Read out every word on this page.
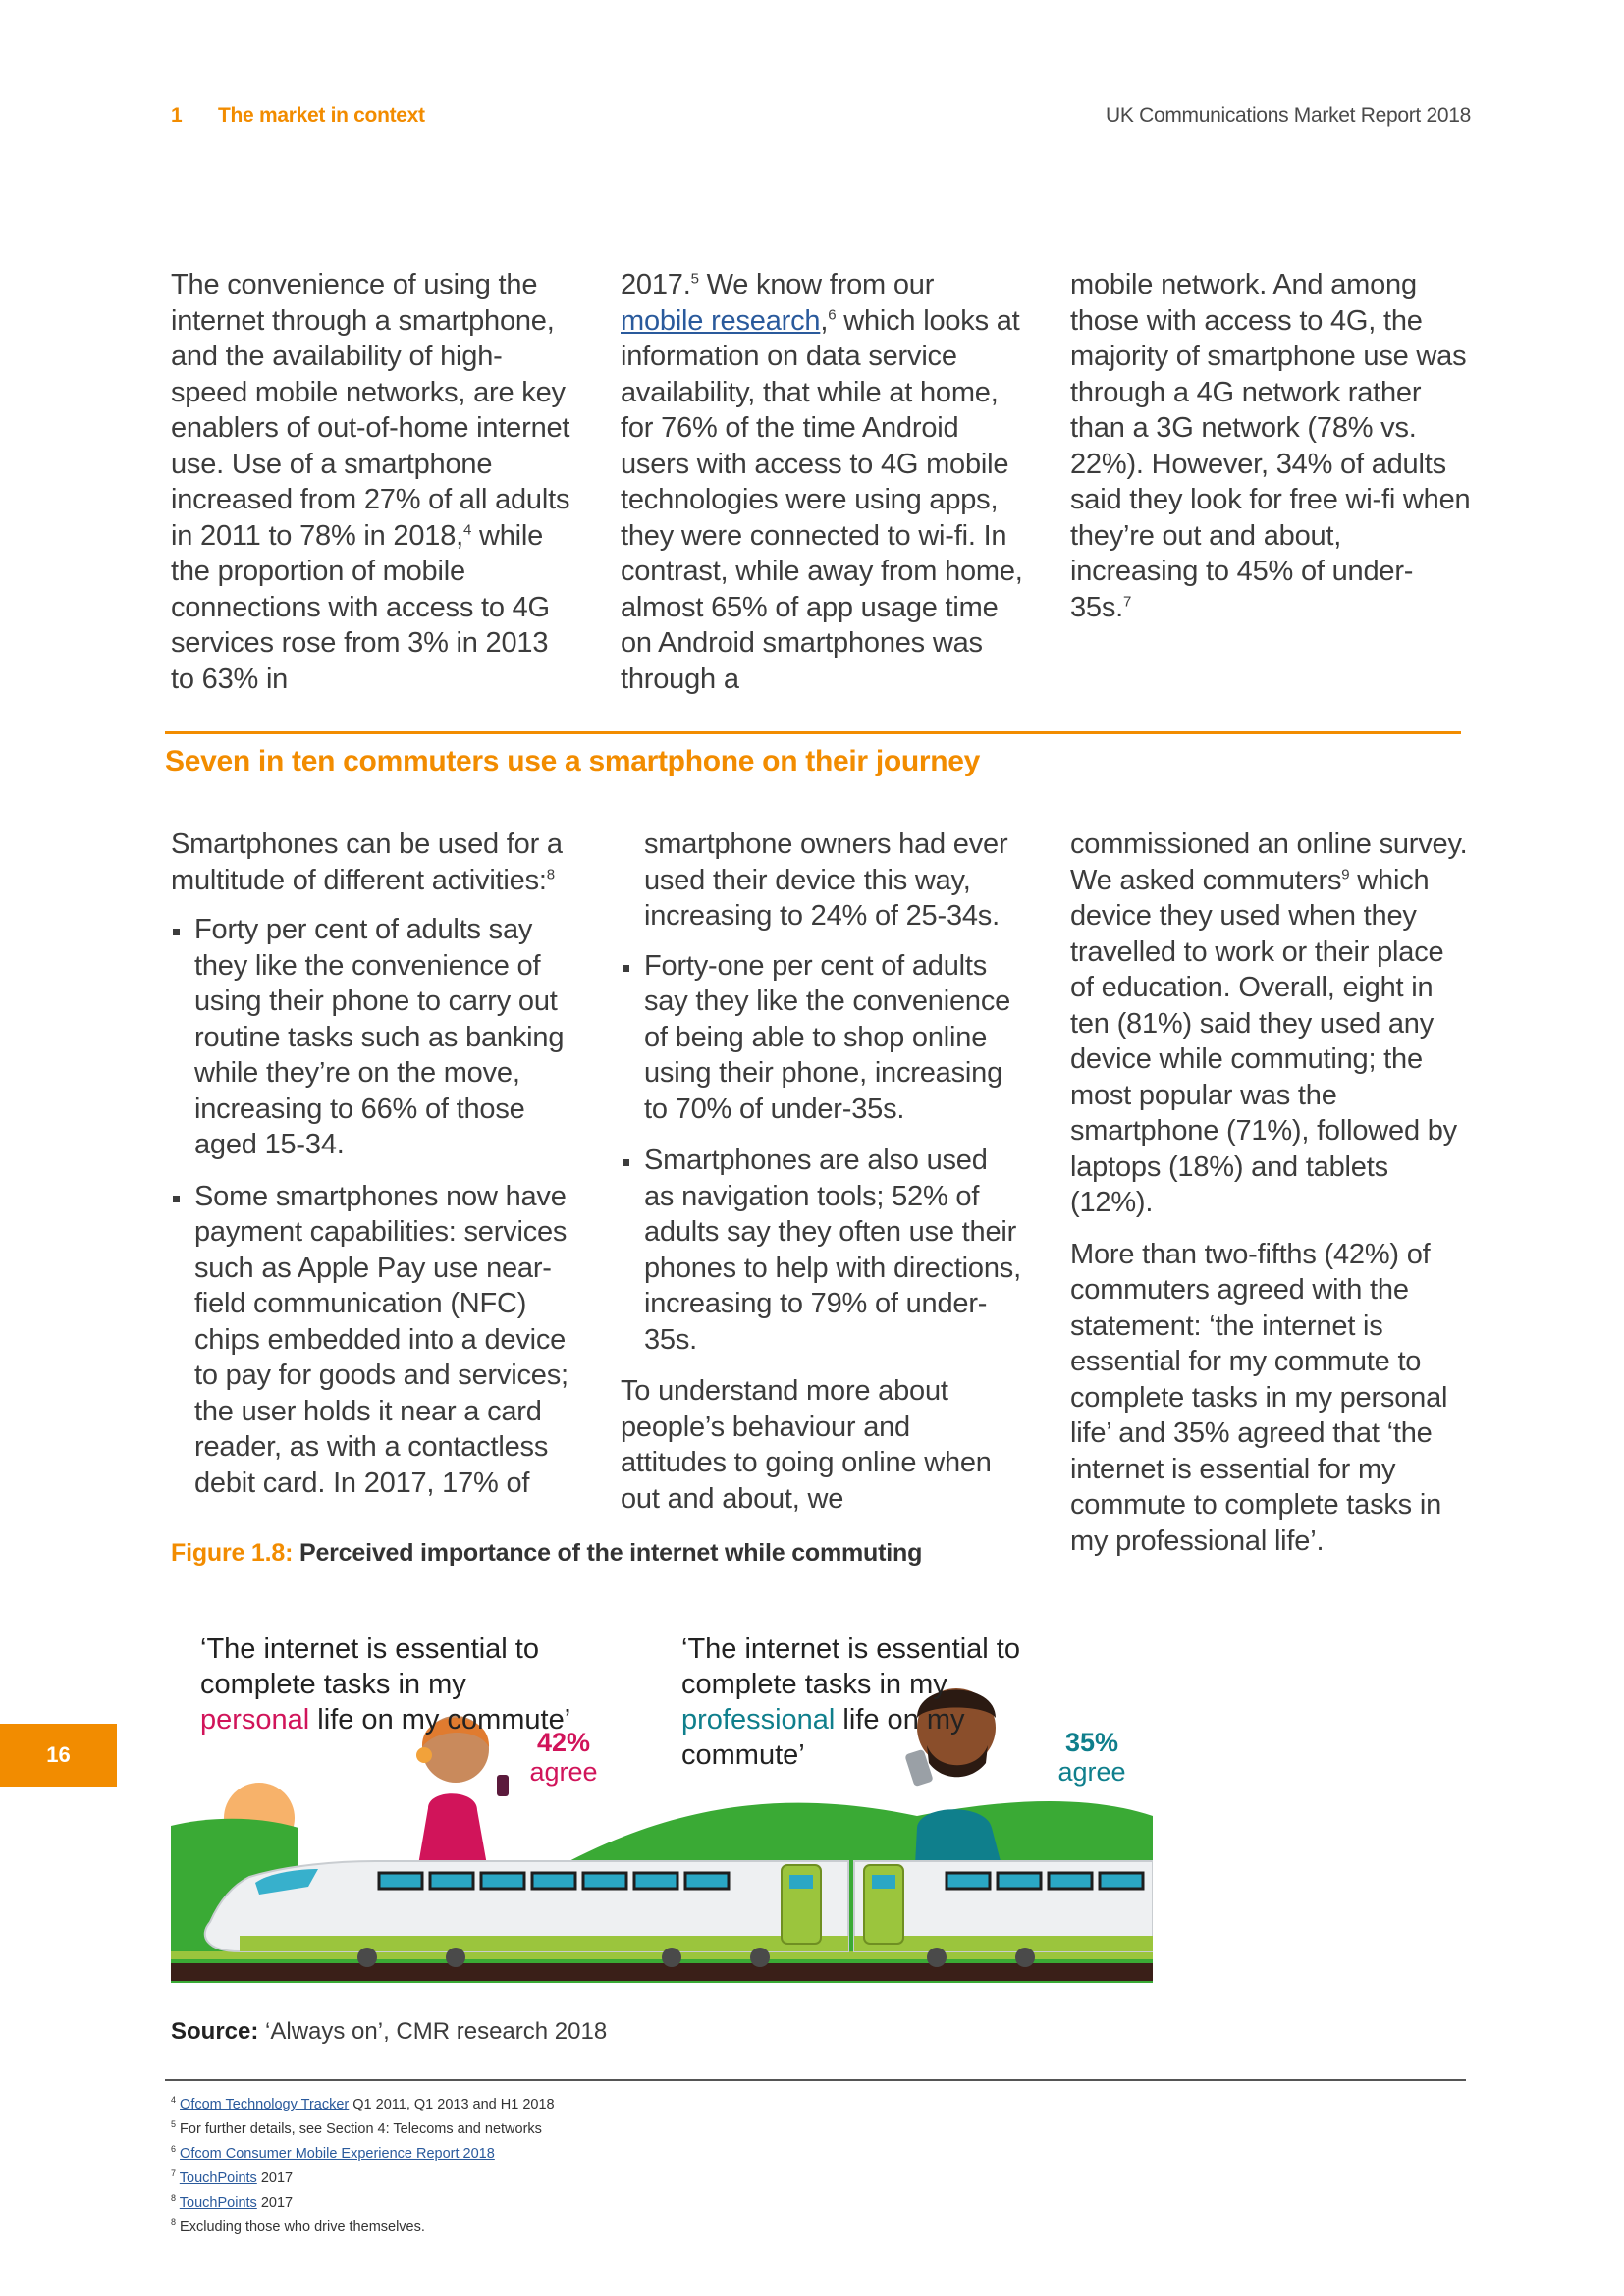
1 The market in context	UK Communications Market Report 2018

The convenience of using the internet through a smartphone, and the availability of high-speed mobile networks, are key enablers of out-of-home internet use. Use of a smartphone increased from 27% of all adults in 2011 to 78% in 2018,$^4$ while the proportion of mobile connections with access to 4G services rose from 3% in 2013 to 63% in

2017.$^5$ We know from our mobile research,$^6$ which looks at information on data service availability, that while at home, for 76% of the time Android users with access to 4G mobile technologies were using apps, they were connected to wi-fi. In contrast, while away from home, almost 65% of app usage time on Android smartphones was through a

mobile network. And among those with access to 4G, the majority of smartphone use was through a 4G network rather than a 3G network (78% vs. 22%). However, 34% of adults said they look for free wi-fi when they’re out and about, increasing to 45% of under-35s.$^7$

Seven in ten commuters use a smartphone on their journey

Smartphones can be used for a multitude of different activities:$^8$

Forty per cent of adults say they like the convenience of using their phone to carry out routine tasks such as banking while they’re on the move, increasing to 66% of those aged 15-34.
Some smartphones now have payment capabilities: services such as Apple Pay use near-field communication (NFC) chips embedded into a device to pay for goods and services; the user holds it near a card reader, as with a contactless debit card. In 2017, 17% of

smartphone owners had ever used their device this way, increasing to 24% of 25-34s.

Forty-one per cent of adults say they like the convenience of being able to shop online using their phone, increasing to 70% of under-35s.
Smartphones are also used as navigation tools; 52% of adults say they often use their phones to help with directions, increasing to 79% of under-35s.

To understand more about people’s behaviour and attitudes to going online when out and about, we

commissioned an online survey. We asked commuters$^9$ which device they used when they travelled to work or their place of education. Overall, eight in ten (81%) said they used any device while commuting; the most popular was the smartphone (71%), followed by laptops (18%) and tablets (12%).

More than two-fifths (42%) of commuters agreed with the statement: ‘the internet is essential for my commute to complete tasks in my personal life’ and 35% agreed that ‘the internet is essential for my commute to complete tasks in my professional life’.

Figure 1.8: Perceived importance of the internet while commuting
16
‘The internet is essential to complete tasks in my personal life on my commute’
42%
agree
‘The internet is essential to complete tasks in my professional life on my commute’	35%
agree
Source: ‘Always on’, CMR research 2018
$^4$ Ofcom Technology Tracker Q1 2011, Q1 2013 and H1 2018
$^5$ For further details, see Section 4: Telecoms and networks
$^6$ Ofcom Consumer Mobile Experience Report 2018
$^7$ TouchPoints 2017
$^8$ TouchPoints 2017
$^8$ Excluding those who drive themselves.
